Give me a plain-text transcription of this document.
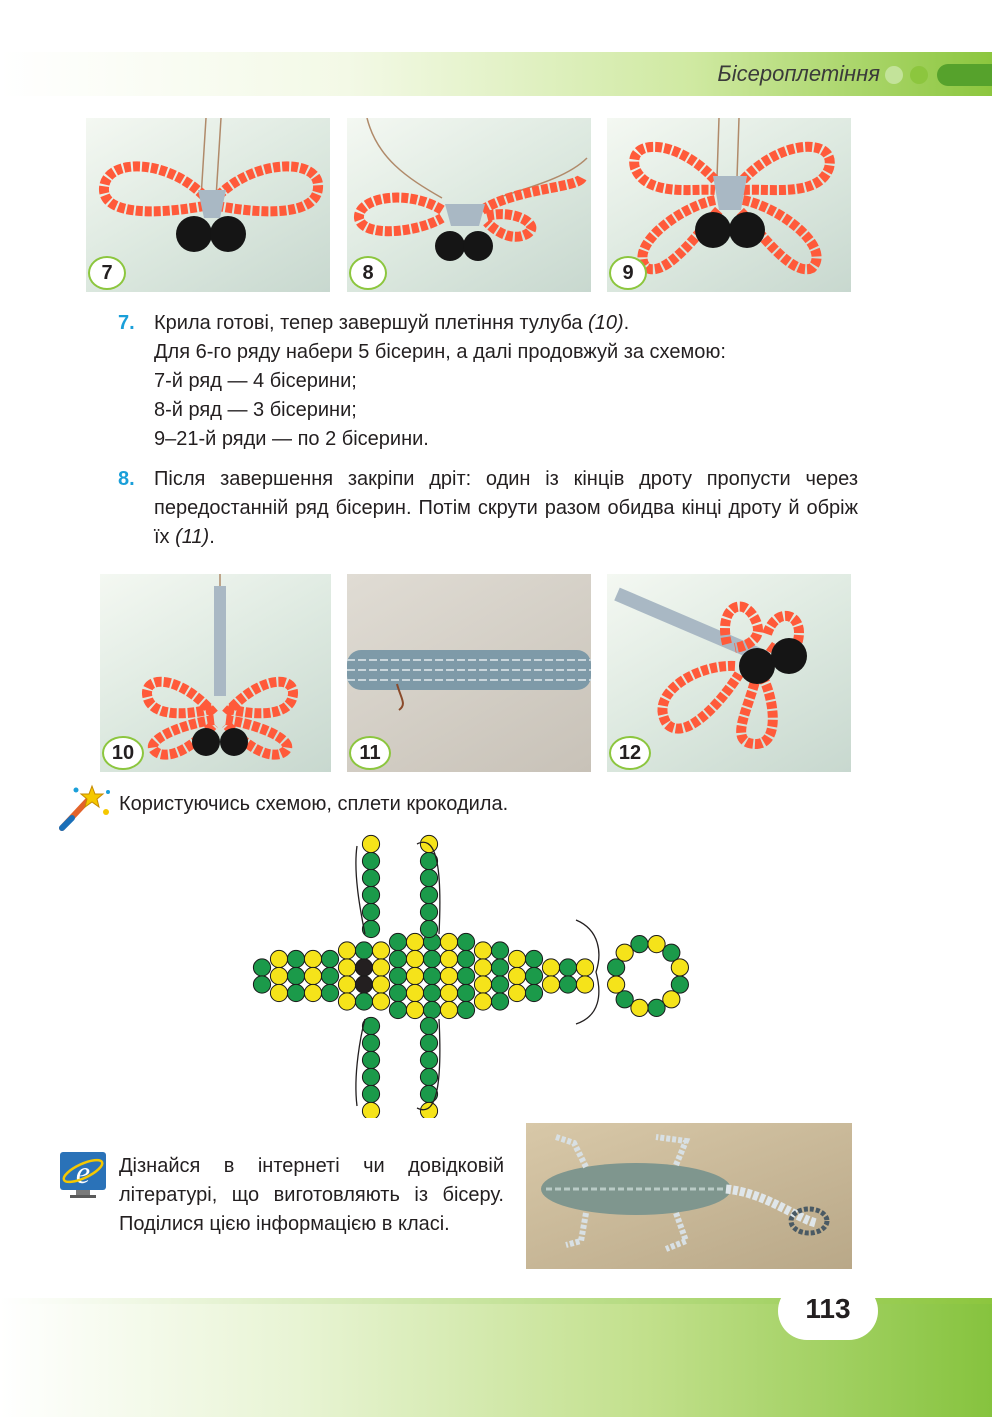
Бісероплетіння
7	8	9
7. Крила готові, тепер завершуй плетіння тулуба (10).

Для 6-го ряду набери 5 бісерин, а далі продовжуй за схемою:

7-й ряд — 4 бісерини;

8-й ряд — 3 бісерини;

9–21-й ряди — по 2 бісерини.

8. Після завершення закріпи дріт: один із кінців дроту пропусти через передостанній ряд бісерин. Потім скрути разом обидва кінці дроту й обріж їх (11).

10	11	12
Користуючись схемою, сплети крокодила.
e Дізнайся в інтернеті чи довідковій літературі, що виготовляють із бісеру. Поділися цією інформацією в класі.

113
